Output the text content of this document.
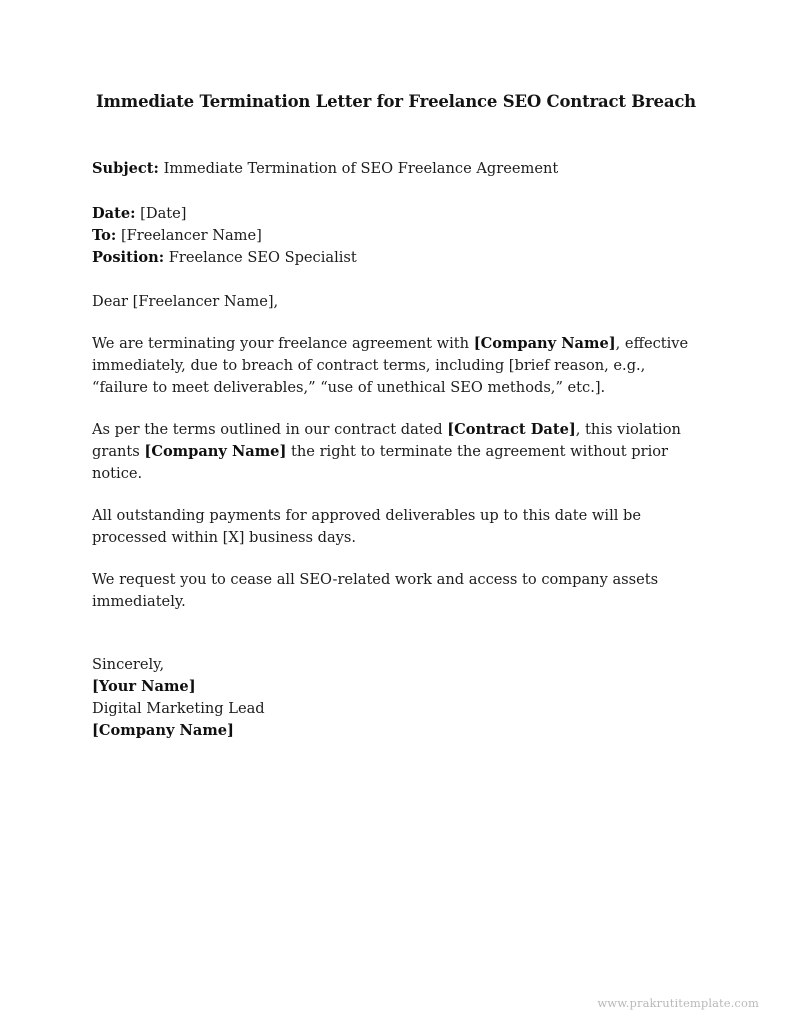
Immediate Termination Letter for Freelance SEO Contract Breach

Subject: Immediate Termination of SEO Freelance Agreement

Date: [Date]

To: [Freelancer Name]

Position: Freelance SEO Specialist

Dear [Freelancer Name],

We are terminating your freelance agreement with [Company Name], effective immediately, due to breach of contract terms, including [brief reason, e.g., “failure to meet deliverables,” “use of unethical SEO methods,” etc.].

As per the terms outlined in our contract dated [Contract Date], this violation grants [Company Name] the right to terminate the agreement without prior notice.

All outstanding payments for approved deliverables up to this date will be processed within [X] business days.

We request you to cease all SEO-related work and access to company assets immediately.

Sincerely,

[Your Name]

Digital Marketing Lead

[Company Name]

www.prakrutitemplate.com
